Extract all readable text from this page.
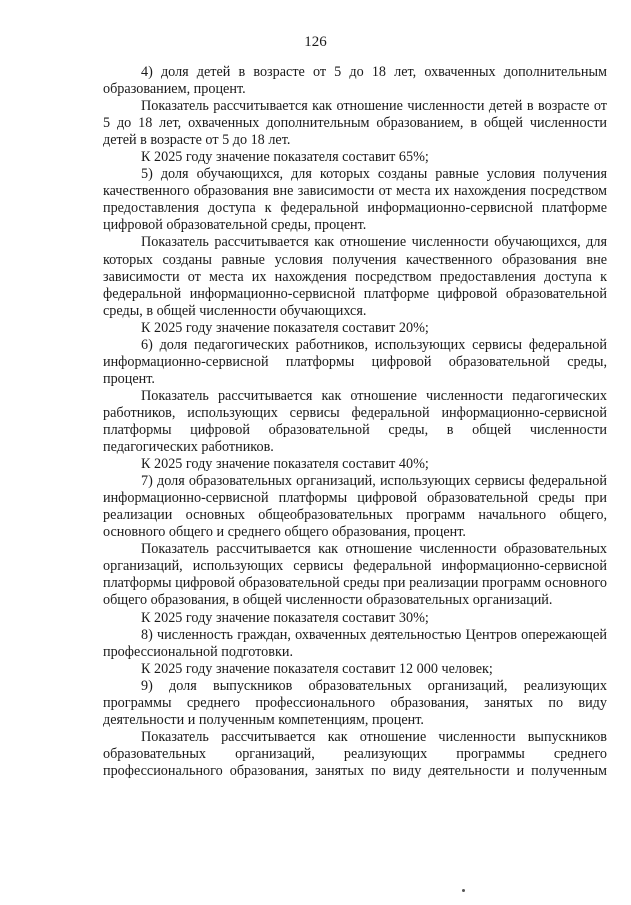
126

4) доля детей в возрасте от 5 до 18 лет, охваченных дополнительным образованием, процент.

Показатель рассчитывается как отношение численности детей в возрасте от 5 до 18 лет, охваченных дополнительным образованием, в общей численности детей в возрасте от 5 до 18 лет.

К 2025 году значение показателя составит 65%;

5) доля обучающихся, для которых созданы равные условия получения качественного образования вне зависимости от места их нахождения посредством предоставления доступа к федеральной информационно-сервисной платформе цифровой образовательной среды, процент.

Показатель рассчитывается как отношение численности обучающихся, для которых созданы равные условия получения качественного образования вне зависимости от места их нахождения посредством предоставления доступа к федеральной информационно-сервисной платформе цифровой образовательной среды, в общей численности обучающихся.

К 2025 году значение показателя составит 20%;

6) доля педагогических работников, использующих сервисы федеральной информационно-сервисной платформы цифровой образовательной среды, процент.

Показатель рассчитывается как отношение численности педагогических работников, использующих сервисы федеральной информационно-сервисной платформы цифровой образовательной среды, в общей численности педагогических работников.

К 2025 году значение показателя составит 40%;

7) доля образовательных организаций, использующих сервисы федеральной информационно-сервисной платформы цифровой образовательной среды при реализации основных общеобразовательных программ начального общего, основного общего и среднего общего образования, процент.

Показатель рассчитывается как отношение численности образовательных организаций, использующих сервисы федеральной информационно-сервисной платформы цифровой образовательной среды при реализации программ основного общего образования, в общей численности образовательных организаций.

К 2025 году значение показателя составит 30%;

8) численность граждан, охваченных деятельностью Центров опережающей профессиональной подготовки.

К 2025 году значение показателя составит 12 000 человек;

9) доля выпускников образовательных организаций, реализующих программы среднего профессионального образования, занятых по виду деятельности и полученным компетенциям, процент.

Показатель рассчитывается как отношение численности выпускников образовательных организаций, реализующих программы среднего профессионального образования, занятых по виду деятельности и полученным
